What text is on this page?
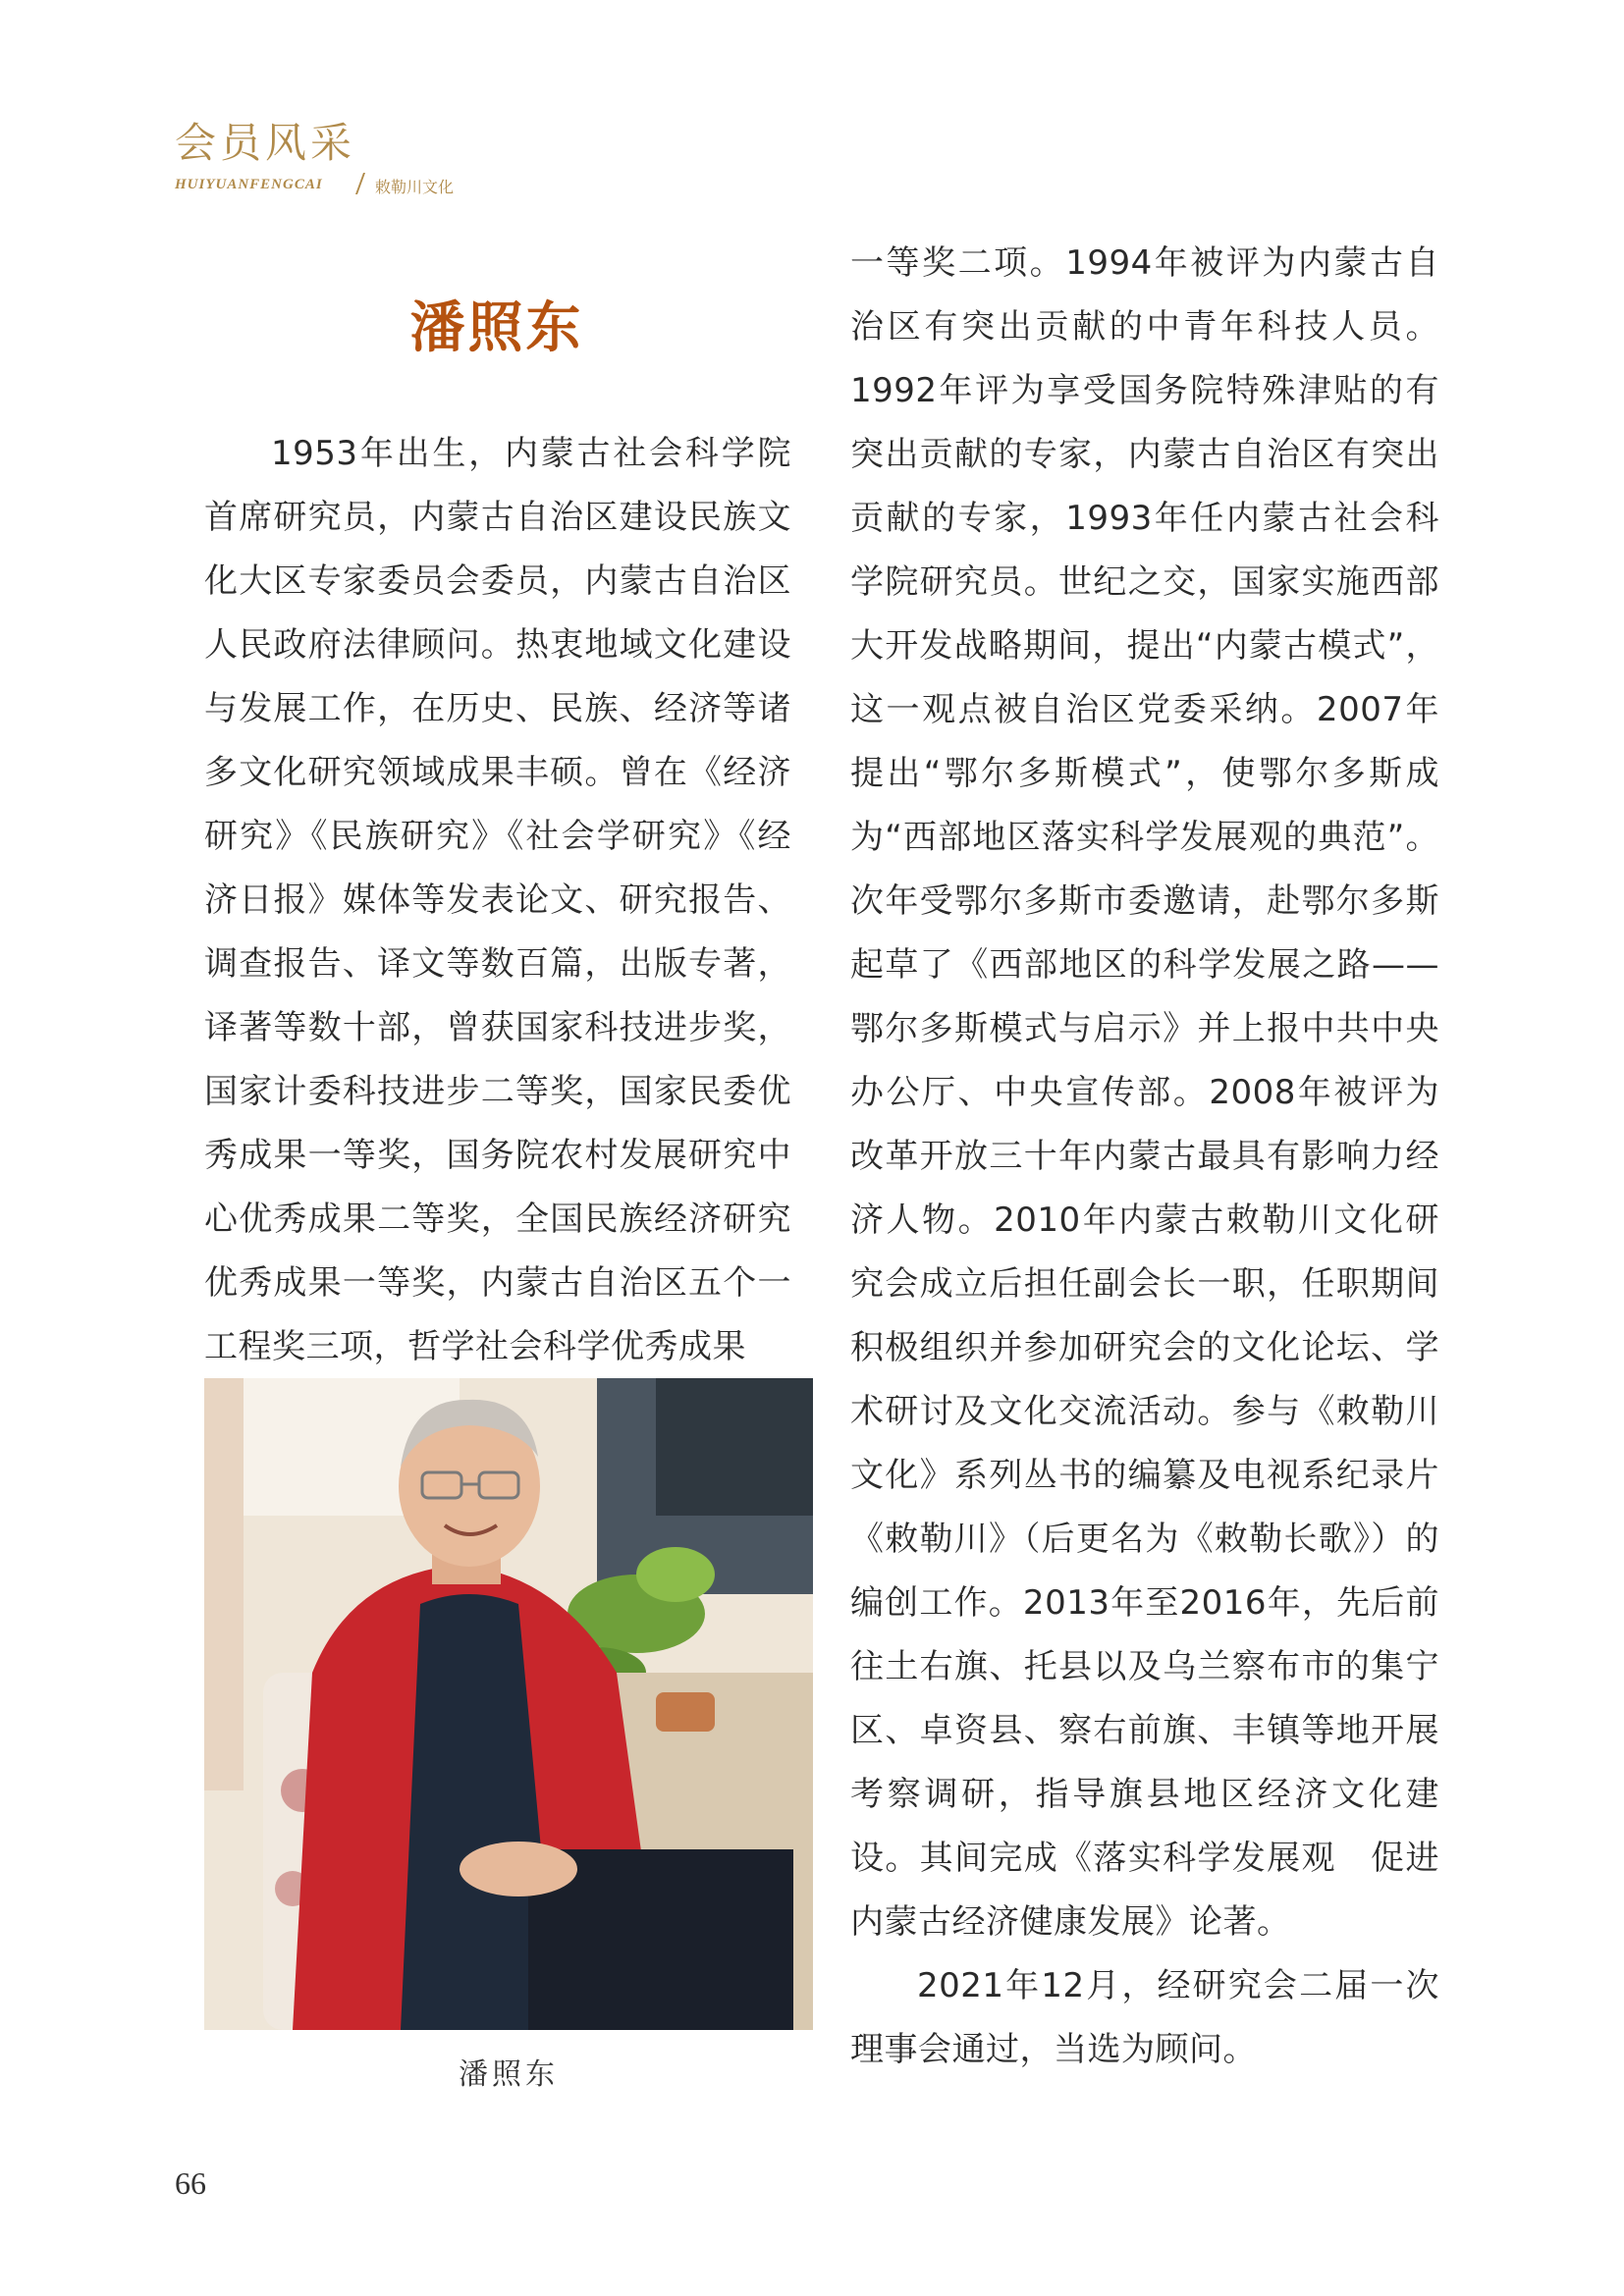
会员风采
HUIYUANFENGCAI	敕勒川文化
潘照东

1953年出生，内蒙古社会科学院首席研究员，内蒙古自治区建设民族文化大区专家委员会委员，内蒙古自治区人民政府法律顾问。热衷地域文化建设与发展工作，在历史、民族、经济等诸多文化研究领域成果丰硕。曾在《经济研究》《民族研究》《社会学研究》《经济日报》媒体等发表论文、研究报告、调查报告、译文等数百篇，出版专著，译著等数十部，曾获国家科技进步奖，国家计委科技进步二等奖，国家民委优秀成果一等奖，国务院农村发展研究中心优秀成果二等奖，全国民族经济研究优秀成果一等奖，内蒙古自治区五个一工程奖三项，哲学社会科学优秀成果

潘照东

一等奖二项。1994年被评为内蒙古自治区有突出贡献的中青年科技人员。1992年评为享受国务院特殊津贴的有突出贡献的专家，内蒙古自治区有突出贡献的专家，1993年任内蒙古社会科学院研究员。世纪之交，国家实施西部大开发战略期间，提出“内蒙古模式”，这一观点被自治区党委采纳。2007年提出“鄂尔多斯模式”，使鄂尔多斯成为“西部地区落实科学发展观的典范”。次年受鄂尔多斯市委邀请，赴鄂尔多斯起草了《西部地区的科学发展之路——鄂尔多斯模式与启示》并上报中共中央办公厅、中央宣传部。2008年被评为改革开放三十年内蒙古最具有影响力经济人物。2010年内蒙古敕勒川文化研究会成立后担任副会长一职，任职期间积极组织并参加研究会的文化论坛、学术研讨及文化交流活动。参与《敕勒川文化》系列丛书的编纂及电视系纪录片《敕勒川》（后更名为《敕勒长歌》）的编创工作。2013年至2016年，先后前往土右旗、托县以及乌兰察布市的集宁区、卓资县、察右前旗、丰镇等地开展考察调研，指导旗县地区经济文化建设。其间完成《落实科学发展观　促进内蒙古经济健康发展》论著。

2021年12月，经研究会二届一次理事会通过，当选为顾问。

66
